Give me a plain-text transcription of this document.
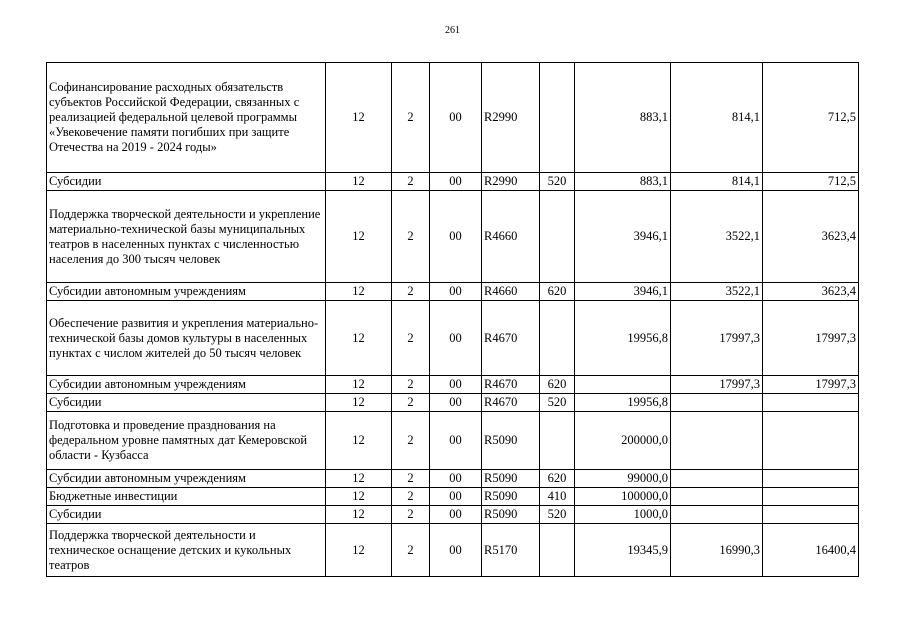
261
Софинансирование расходных обязательств субъектов Российской Федерации, связанных с реализацией федеральной целевой программы «Увековечение памяти погибших при защите Отечества на 2019 - 2024 годы»	12	2	00	R2990		883,1	814,1	712,5
Субсидии	12	2	00	R2990	520	883,1	814,1	712,5
Поддержка творческой деятельности и укрепление материально-технической базы муниципальных театров в населенных пунктах с численностью населения до 300 тысяч человек	12	2	00	R4660		3946,1	3522,1	3623,4
Субсидии автономным учреждениям	12	2	00	R4660	620	3946,1	3522,1	3623,4
Обеспечение развития и укрепления материально-технической базы домов культуры в населенных пунктах с числом жителей до 50 тысяч человек	12	2	00	R4670		19956,8	17997,3	17997,3
Субсидии автономным учреждениям	12	2	00	R4670	620		17997,3	17997,3
Субсидии	12	2	00	R4670	520	19956,8		
Подготовка и проведение празднования на федеральном уровне памятных дат Кемеровской области - Кузбасса	12	2	00	R5090		200000,0		
Субсидии автономным учреждениям	12	2	00	R5090	620	99000,0		
Бюджетные инвестиции	12	2	00	R5090	410	100000,0		
Субсидии	12	2	00	R5090	520	1000,0		
Поддержка творческой деятельности и техническое оснащение детских и кукольных театров	12	2	00	R5170		19345,9	16990,3	16400,4
